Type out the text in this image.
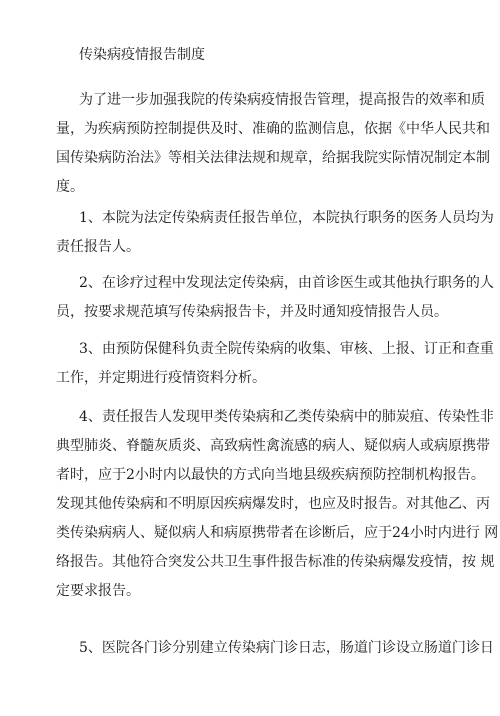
传染病疫情报告制度
为了进一步加强我院的传染病疫情报告管理，提高报告的效率和质
量，为疾病预防控制提供及时、准确的监测信息，依据《中华人民共和
国传染病防治法》等相关法律法规和规章，给据我院实际情况制定本制
度。
1、本院为法定传染病责任报告单位，本院执行职务的医务人员均为
责任报告人。
2、在诊疗过程中发现法定传染病，由首诊医生或其他执行职务的人
员，按要求规范填写传染病报告卡，并及时通知疫情报告人员。
3、由预防保健科负责全院传染病的收集、审核、上报、订正和查重
工作，并定期进行疫情资料分析。
4、责任报告人发现甲类传染病和乙类传染病中的肺炭疽、传染性非
典型肺炎、脊髓灰质炎、高致病性禽流感的病人、疑似病人或病原携带
者时，应于2小时内以最快的方式向当地县级疾病预防控制机构报告。
发现其他传染病和不明原因疾病爆发时，也应及时报告。对其他乙、丙
类传染病病人、疑似病人和病原携带者在诊断后，应于24小时内进行 网
络报告。其他符合突发公共卫生事件报告标准的传染病爆发疫情，按 规
定要求报告。
5、医院各门诊分别建立传染病门诊日志，肠道门诊设立肠道门诊日
